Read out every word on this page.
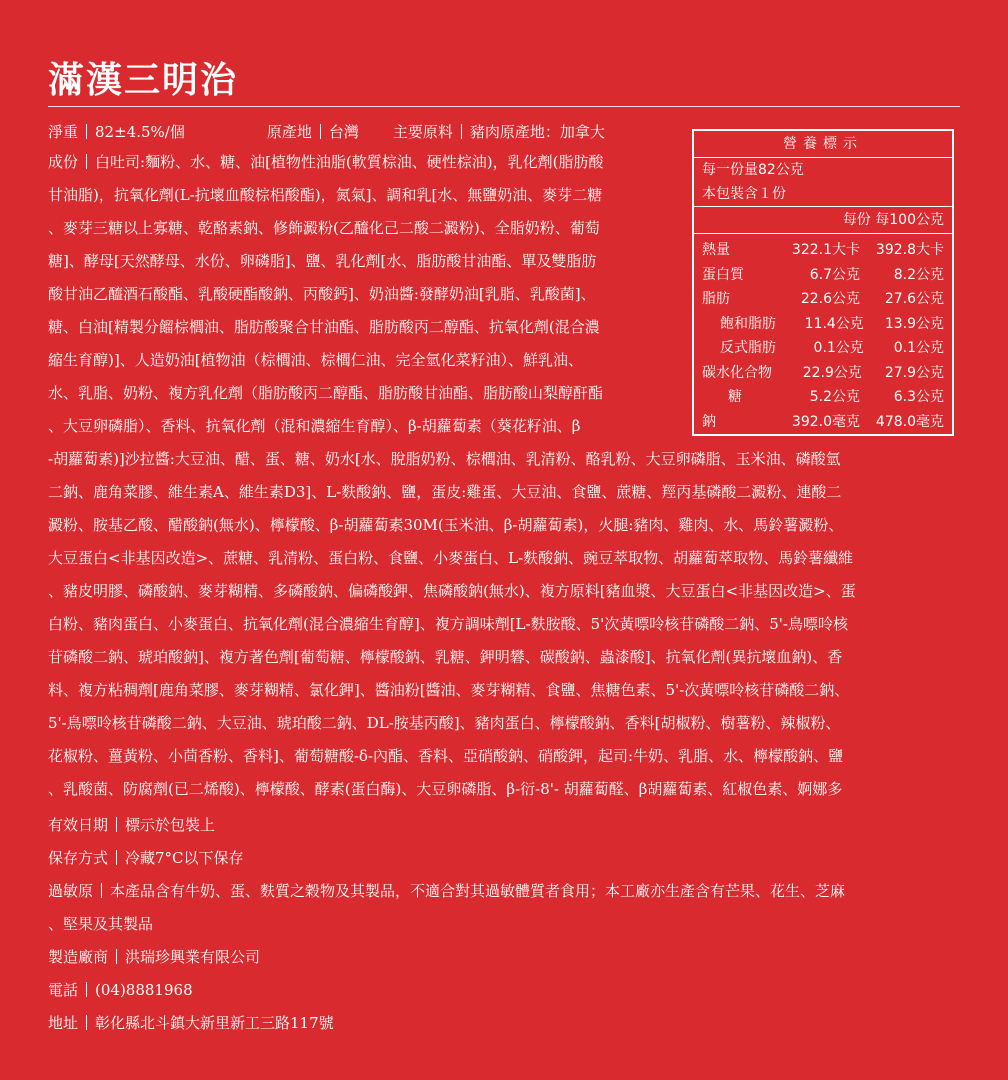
滿漢三明治
淨重 82±4.5%/個	原產地 台灣 主要原料 豬肉原產地：加拿大
成份 白吐司:麵粉、水、糖、油[植物性油脂(軟質棕油、硬性棕油)，乳化劑(脂肪酸
甘油脂)，抗氧化劑(L-抗壞血酸棕梠酸酯)，氮氣]、調和乳[水、無鹽奶油、麥芽二糖
、麥芽三糖以上寡糖、乾酪素鈉、修飾澱粉(乙醯化己二酸二澱粉)、全脂奶粉、葡萄
糖]、酵母[天然酵母、水份、卵磷脂]、鹽、乳化劑[水、脂肪酸甘油酯、單及雙脂肪
酸甘油乙醯酒石酸酯、乳酸硬酯酸鈉、丙酸鈣]、奶油醬:發酵奶油[乳脂、乳酸菌]、
糖、白油[精製分餾棕櫚油、脂肪酸聚合甘油酯、脂肪酸丙二醇酯、抗氧化劑(混合濃
縮生育醇)]、人造奶油[植物油（棕櫚油、棕櫚仁油、完全氫化菜籽油）、鮮乳油、
水、乳脂、奶粉、複方乳化劑（脂肪酸丙二醇酯、脂肪酸甘油酯、脂肪酸山梨醇酐酯
、大豆卵磷脂）、香料、抗氧化劑（混和濃縮生育醇）、β-胡蘿蔔素（葵花籽油、β
-胡蘿蔔素)]沙拉醬:大豆油、醋、蛋、糖、奶水[水、脫脂奶粉、棕櫚油、乳清粉、酪乳粉、大豆卵磷脂、玉米油、磷酸氫
二鈉、鹿角菜膠、維生素A、維生素D3]、L-麩酸鈉、鹽，蛋皮:雞蛋、大豆油、食鹽、蔗糖、羥丙基磷酸二澱粉、連酸二
澱粉、胺基乙酸、醋酸鈉(無水)、檸檬酸、β-胡蘿蔔素30M(玉米油、β-胡蘿蔔素)，火腿:豬肉、雞肉、水、馬鈴薯澱粉、
大豆蛋白<非基因改造>、蔗糖、乳清粉、蛋白粉、食鹽、小麥蛋白、L-麩酸鈉、豌豆萃取物、胡蘿蔔萃取物、馬鈴薯纖維
、豬皮明膠、磷酸鈉、麥芽糊精、多磷酸鈉、偏磷酸鉀、焦磷酸鈉(無水)、複方原料[豬血漿、大豆蛋白<非基因改造>、蛋
白粉、豬肉蛋白、小麥蛋白、抗氧化劑(混合濃縮生育醇]、複方調味劑[L-麩胺酸、5'次黃嘌呤核苷磷酸二鈉、5'-鳥嘌呤核
苷磷酸二鈉、琥珀酸鈉]、複方著色劑[葡萄糖、檸檬酸鈉、乳糖、鉀明礬、碳酸鈉、蟲漆酸]、抗氧化劑(異抗壞血鈉)、香
料、複方粘稠劑[鹿角菜膠、麥芽糊精、氯化鉀]、醬油粉[醬油、麥芽糊精、食鹽、焦糖色素、5'-次黃嘌呤核苷磷酸二鈉、
5'-鳥嘌呤核苷磷酸二鈉、大豆油、琥珀酸二鈉、DL-胺基丙酸]、豬肉蛋白、檸檬酸鈉、香料[胡椒粉、樹薯粉、辣椒粉、
花椒粉、薑黃粉、小茴香粉、香料]、葡萄糖酸-δ-內酯、香料、亞硝酸鈉、硝酸鉀，起司:牛奶、乳脂、水、檸檬酸鈉、鹽
、乳酸菌、防腐劑(已二烯酸)、檸檬酸、酵素(蛋白酶)、大豆卵磷脂、β-衍-8'- 胡蘿蔔醛、β胡蘿蔔素、紅椒色素、婀娜多
有效日期 標示於包裝上
保存方式 冷藏7°C以下保存
過敏原 本產品含有牛奶、蛋、麩質之穀物及其製品，不適合對其過敏體質者食用；本工廠亦生產含有芒果、花生、芝麻
、堅果及其製品
製造廠商 洪瑞珍興業有限公司
電話 (04)8881968
地址 彰化縣北斗鎮大新里新工三路117號
營養標示
每一份量82公克
本包裝含１份
每份 每100公克
熱量	322.1大卡	392.8大卡
蛋白質	6.7公克	8.2公克
脂肪	22.6公克	27.6公克
飽和脂肪	11.4公克	13.9公克
反式脂肪	0.1公克	0.1公克
碳水化合物	22.9公克	27.9公克
糖	5.2公克	6.3公克
鈉	392.0毫克	478.0毫克
